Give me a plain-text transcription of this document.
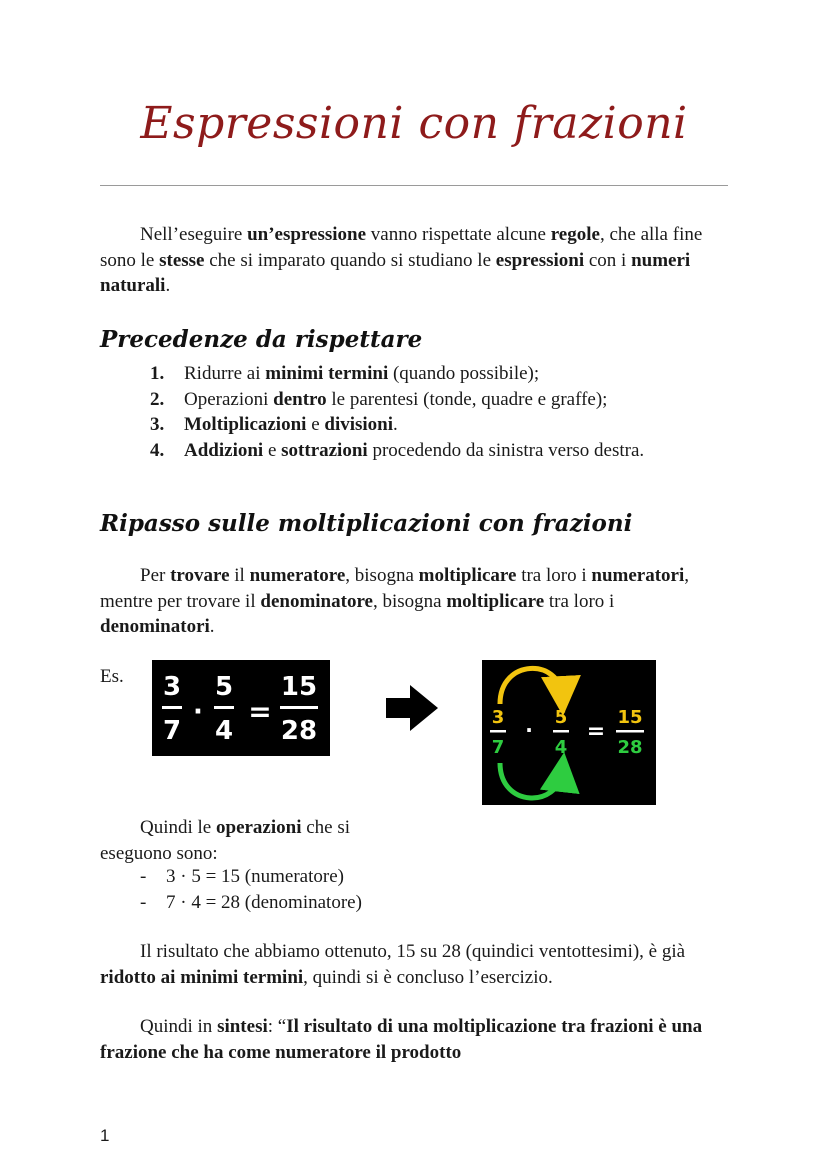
Espressioni con frazioni

Nell’eseguire un’espressione vanno rispettate alcune regole, che alla fine sono le stesse che si imparato quando si studiano le espressioni con i numeri naturali.

Precedenze da rispettare
1. Ridurre ai minimi termini (quando possibile);
2. Operazioni dentro le parentesi (tonde, quadre e graffe);
3. Moltiplicazioni e divisioni.
4. Addizioni e sottrazioni procedendo da sinistra verso destra.
Ripasso sulle moltiplicazioni con frazioni

Per trovare il numeratore, bisogna moltiplicare tra loro i numeratori, mentre per trovare il denominatore, bisogna moltiplicare tra loro i denominatori.

Es. 3
7
·
5
4
=
15
28	3
7
·
5
4
=
15
28

Quindi le operazioni che si eseguono sono:

- 3 · 5 = 15 (numeratore)
- 7 · 4 = 28 (denominatore)

Il risultato che abbiamo ottenuto, 15 su 28 (quindici ventottesimi), è già ridotto ai minimi termini, quindi si è concluso l’esercizio.

Quindi in sintesi: “Il risultato di una moltiplicazione tra frazioni è una frazione che ha come numeratore il prodotto

1
